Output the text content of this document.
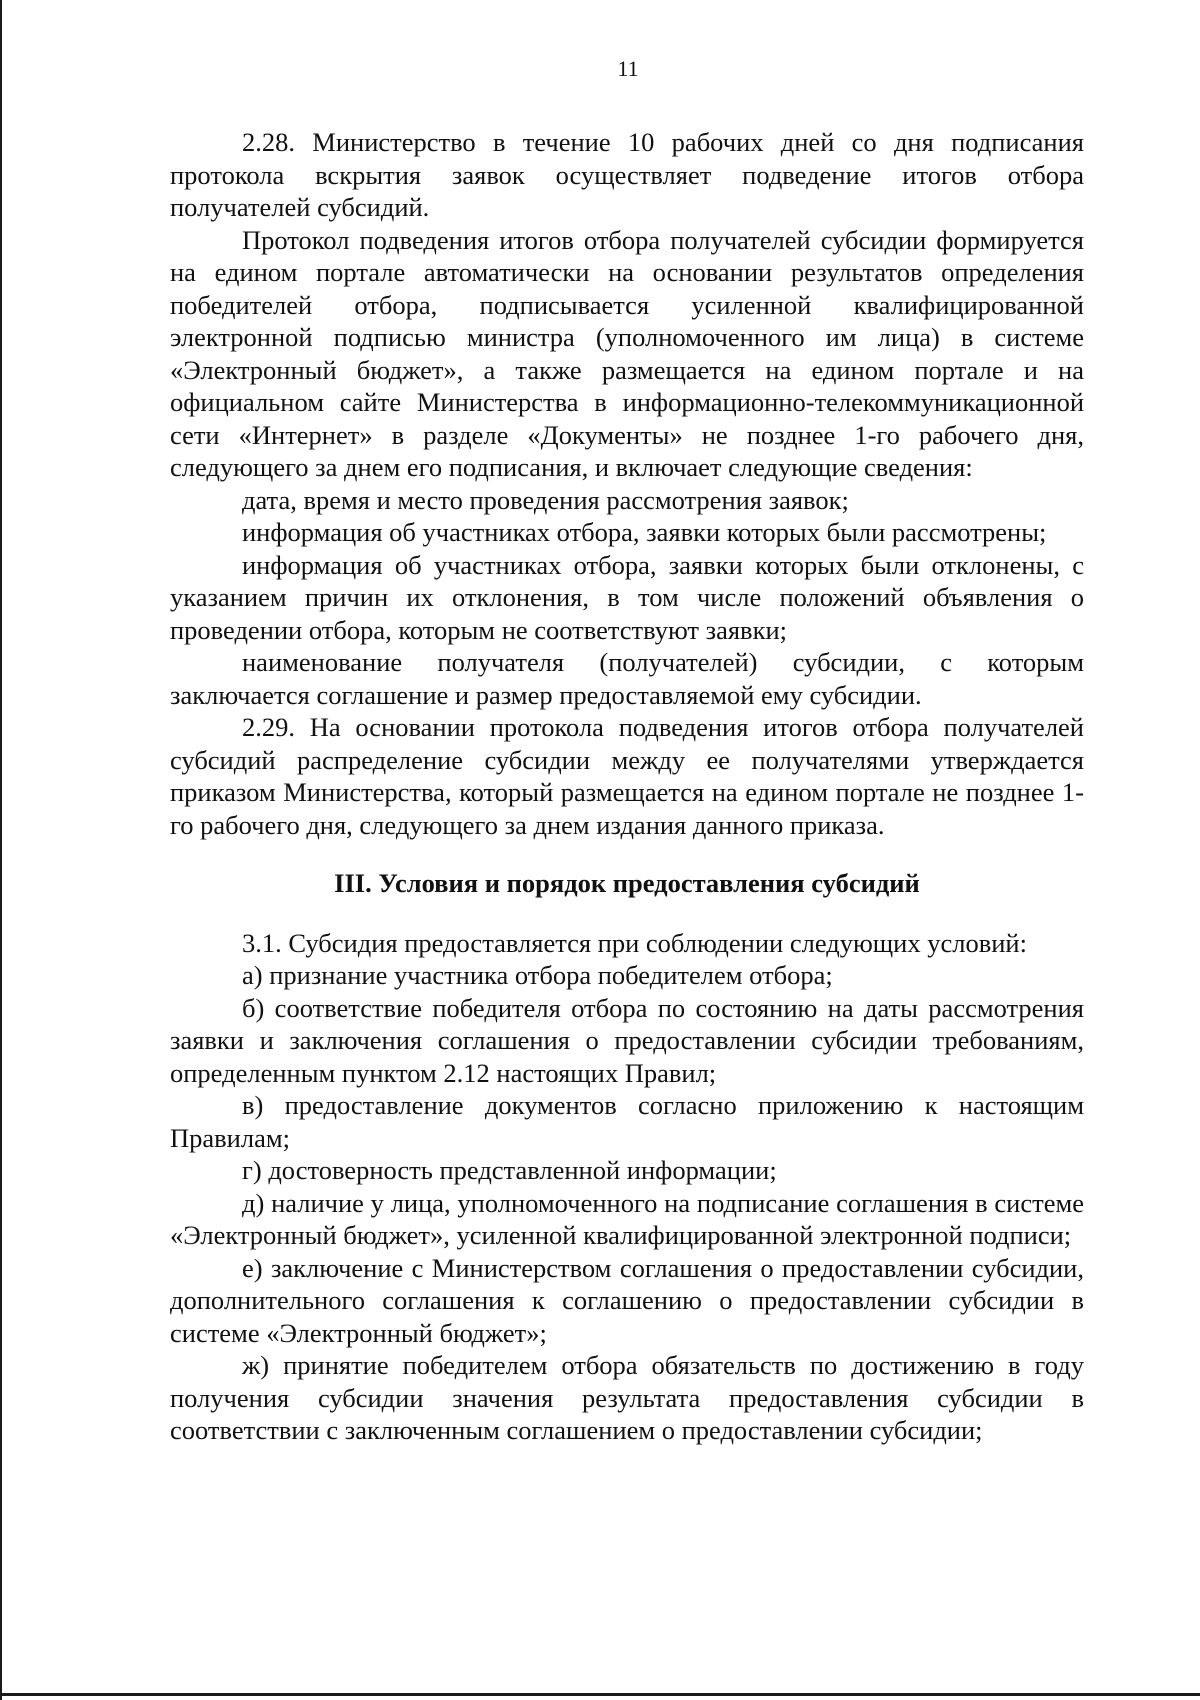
11

2.28. Министерство в течение 10 рабочих дней со дня подписания протокола вскрытия заявок осуществляет подведение итогов отбора получателей субсидий.

Протокол подведения итогов отбора получателей субсидии формируется на едином портале автоматически на основании результатов определения победителей отбора, подписывается усиленной квалифицированной электронной подписью министра (уполномоченного им лица) в системе «Электронный бюджет», а также размещается на едином портале и на официальном сайте Министерства в информационно-телекоммуникационной сети «Интернет» в разделе «Документы» не позднее 1-го рабочего дня, следующего за днем его подписания, и включает следующие сведения:

дата, время и место проведения рассмотрения заявок;

информация об участниках отбора, заявки которых были рассмотрены;

информация об участниках отбора, заявки которых были отклонены, с указанием причин их отклонения, в том числе положений объявления о проведении отбора, которым не соответствуют заявки;

наименование получателя (получателей) субсидии, с которым заключается соглашение и размер предоставляемой ему субсидии.

2.29. На основании протокола подведения итогов отбора получателей субсидий распределение субсидии между ее получателями утверждается приказом Министерства, который размещается на едином портале не позднее 1-го рабочего дня, следующего за днем издания данного приказа.

III. Условия и порядок предоставления субсидий

3.1. Субсидия предоставляется при соблюдении следующих условий:

а) признание участника отбора победителем отбора;

б) соответствие победителя отбора по состоянию на даты рассмотрения заявки и заключения соглашения о предоставлении субсидии требованиям, определенным пунктом 2.12 настоящих Правил;

в) предоставление документов согласно приложению к настоящим Правилам;

г) достоверность представленной информации;

д) наличие у лица, уполномоченного на подписание соглашения в системе «Электронный бюджет», усиленной квалифицированной электронной подписи;

е) заключение с Министерством соглашения о предоставлении субсидии, дополнительного соглашения к соглашению о предоставлении субсидии в системе «Электронный бюджет»;

ж) принятие победителем отбора обязательств по достижению в году получения субсидии значения результата предоставления субсидии в соответствии с заключенным соглашением о предоставлении субсидии;
